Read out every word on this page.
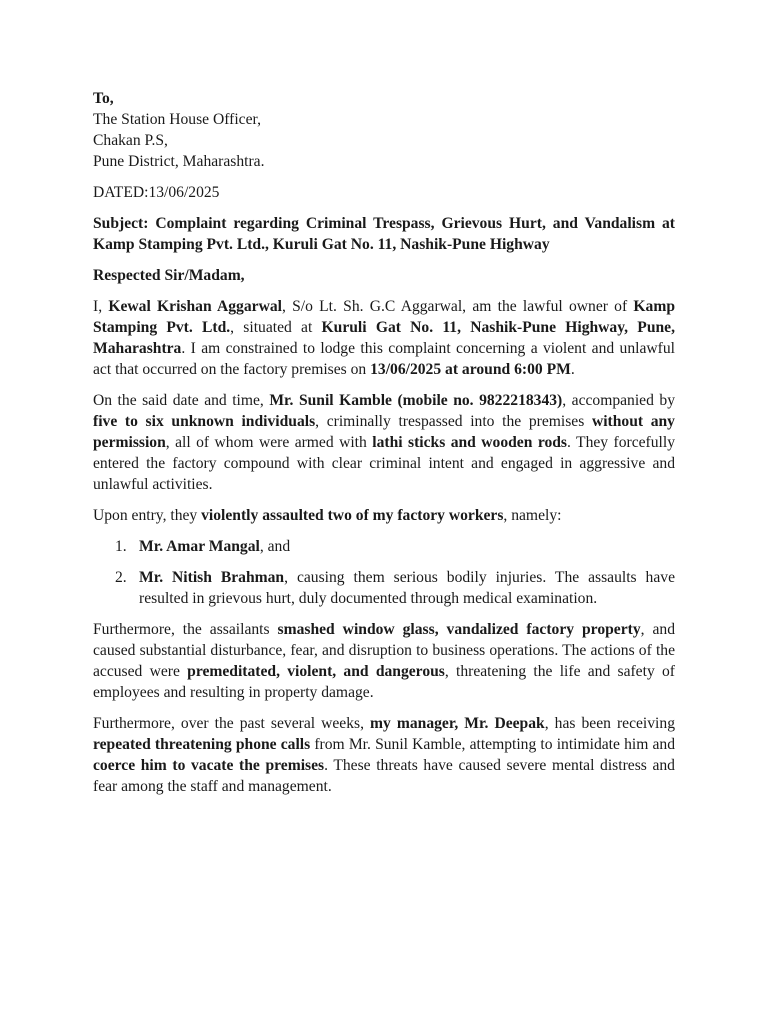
To,
The Station House Officer,
Chakan P.S,
Pune District, Maharashtra.

DATED:13/06/2025

Subject: Complaint regarding Criminal Trespass, Grievous Hurt, and Vandalism at Kamp Stamping Pvt. Ltd., Kuruli Gat No. 11, Nashik-Pune Highway

Respected Sir/Madam,

I, Kewal Krishan Aggarwal, S/o Lt. Sh. G.C Aggarwal, am the lawful owner of Kamp Stamping Pvt. Ltd., situated at Kuruli Gat No. 11, Nashik-Pune Highway, Pune, Maharashtra. I am constrained to lodge this complaint concerning a violent and unlawful act that occurred on the factory premises on 13/06/2025 at around 6:00 PM.

On the said date and time, Mr. Sunil Kamble (mobile no. 9822218343), accompanied by five to six unknown individuals, criminally trespassed into the premises without any permission, all of whom were armed with lathi sticks and wooden rods. They forcefully entered the factory compound with clear criminal intent and engaged in aggressive and unlawful activities.

Upon entry, they violently assaulted two of my factory workers, namely:

1. Mr. Amar Mangal, and
2. Mr. Nitish Brahman, causing them serious bodily injuries. The assaults have resulted in grievous hurt, duly documented through medical examination.

Furthermore, the assailants smashed window glass, vandalized factory property, and caused substantial disturbance, fear, and disruption to business operations. The actions of the accused were premeditated, violent, and dangerous, threatening the life and safety of employees and resulting in property damage.

Furthermore, over the past several weeks, my manager, Mr. Deepak, has been receiving repeated threatening phone calls from Mr. Sunil Kamble, attempting to intimidate him and coerce him to vacate the premises. These threats have caused severe mental distress and fear among the staff and management.
